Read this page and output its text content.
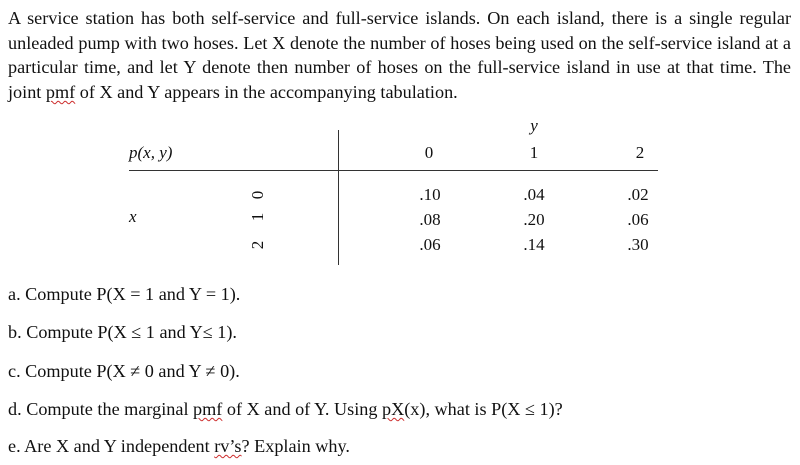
A service station has both self-service and full-service islands. On each island, there is a single regular unleaded pump with two hoses. Let X denote the number of hoses being used on the self-service island at a particular time, and let Y denote then number of hoses on the full-service island in use at that time. The joint pmf of X and Y appears in the accompanying tabulation.
p(x, y)
y
0	1	2
x
0
1
2
.10	.04	.02
.08	.20	.06
.06	.14	.30
a. Compute P(X = 1 and Y = 1).
b. Compute P(X ≤ 1 and Y≤ 1).
c. Compute P(X ≠ 0 and Y ≠ 0).
d. Compute the marginal pmf of X and of Y. Using pX(x), what is P(X ≤ 1)?
e. Are X and Y independent rv’s? Explain why.
